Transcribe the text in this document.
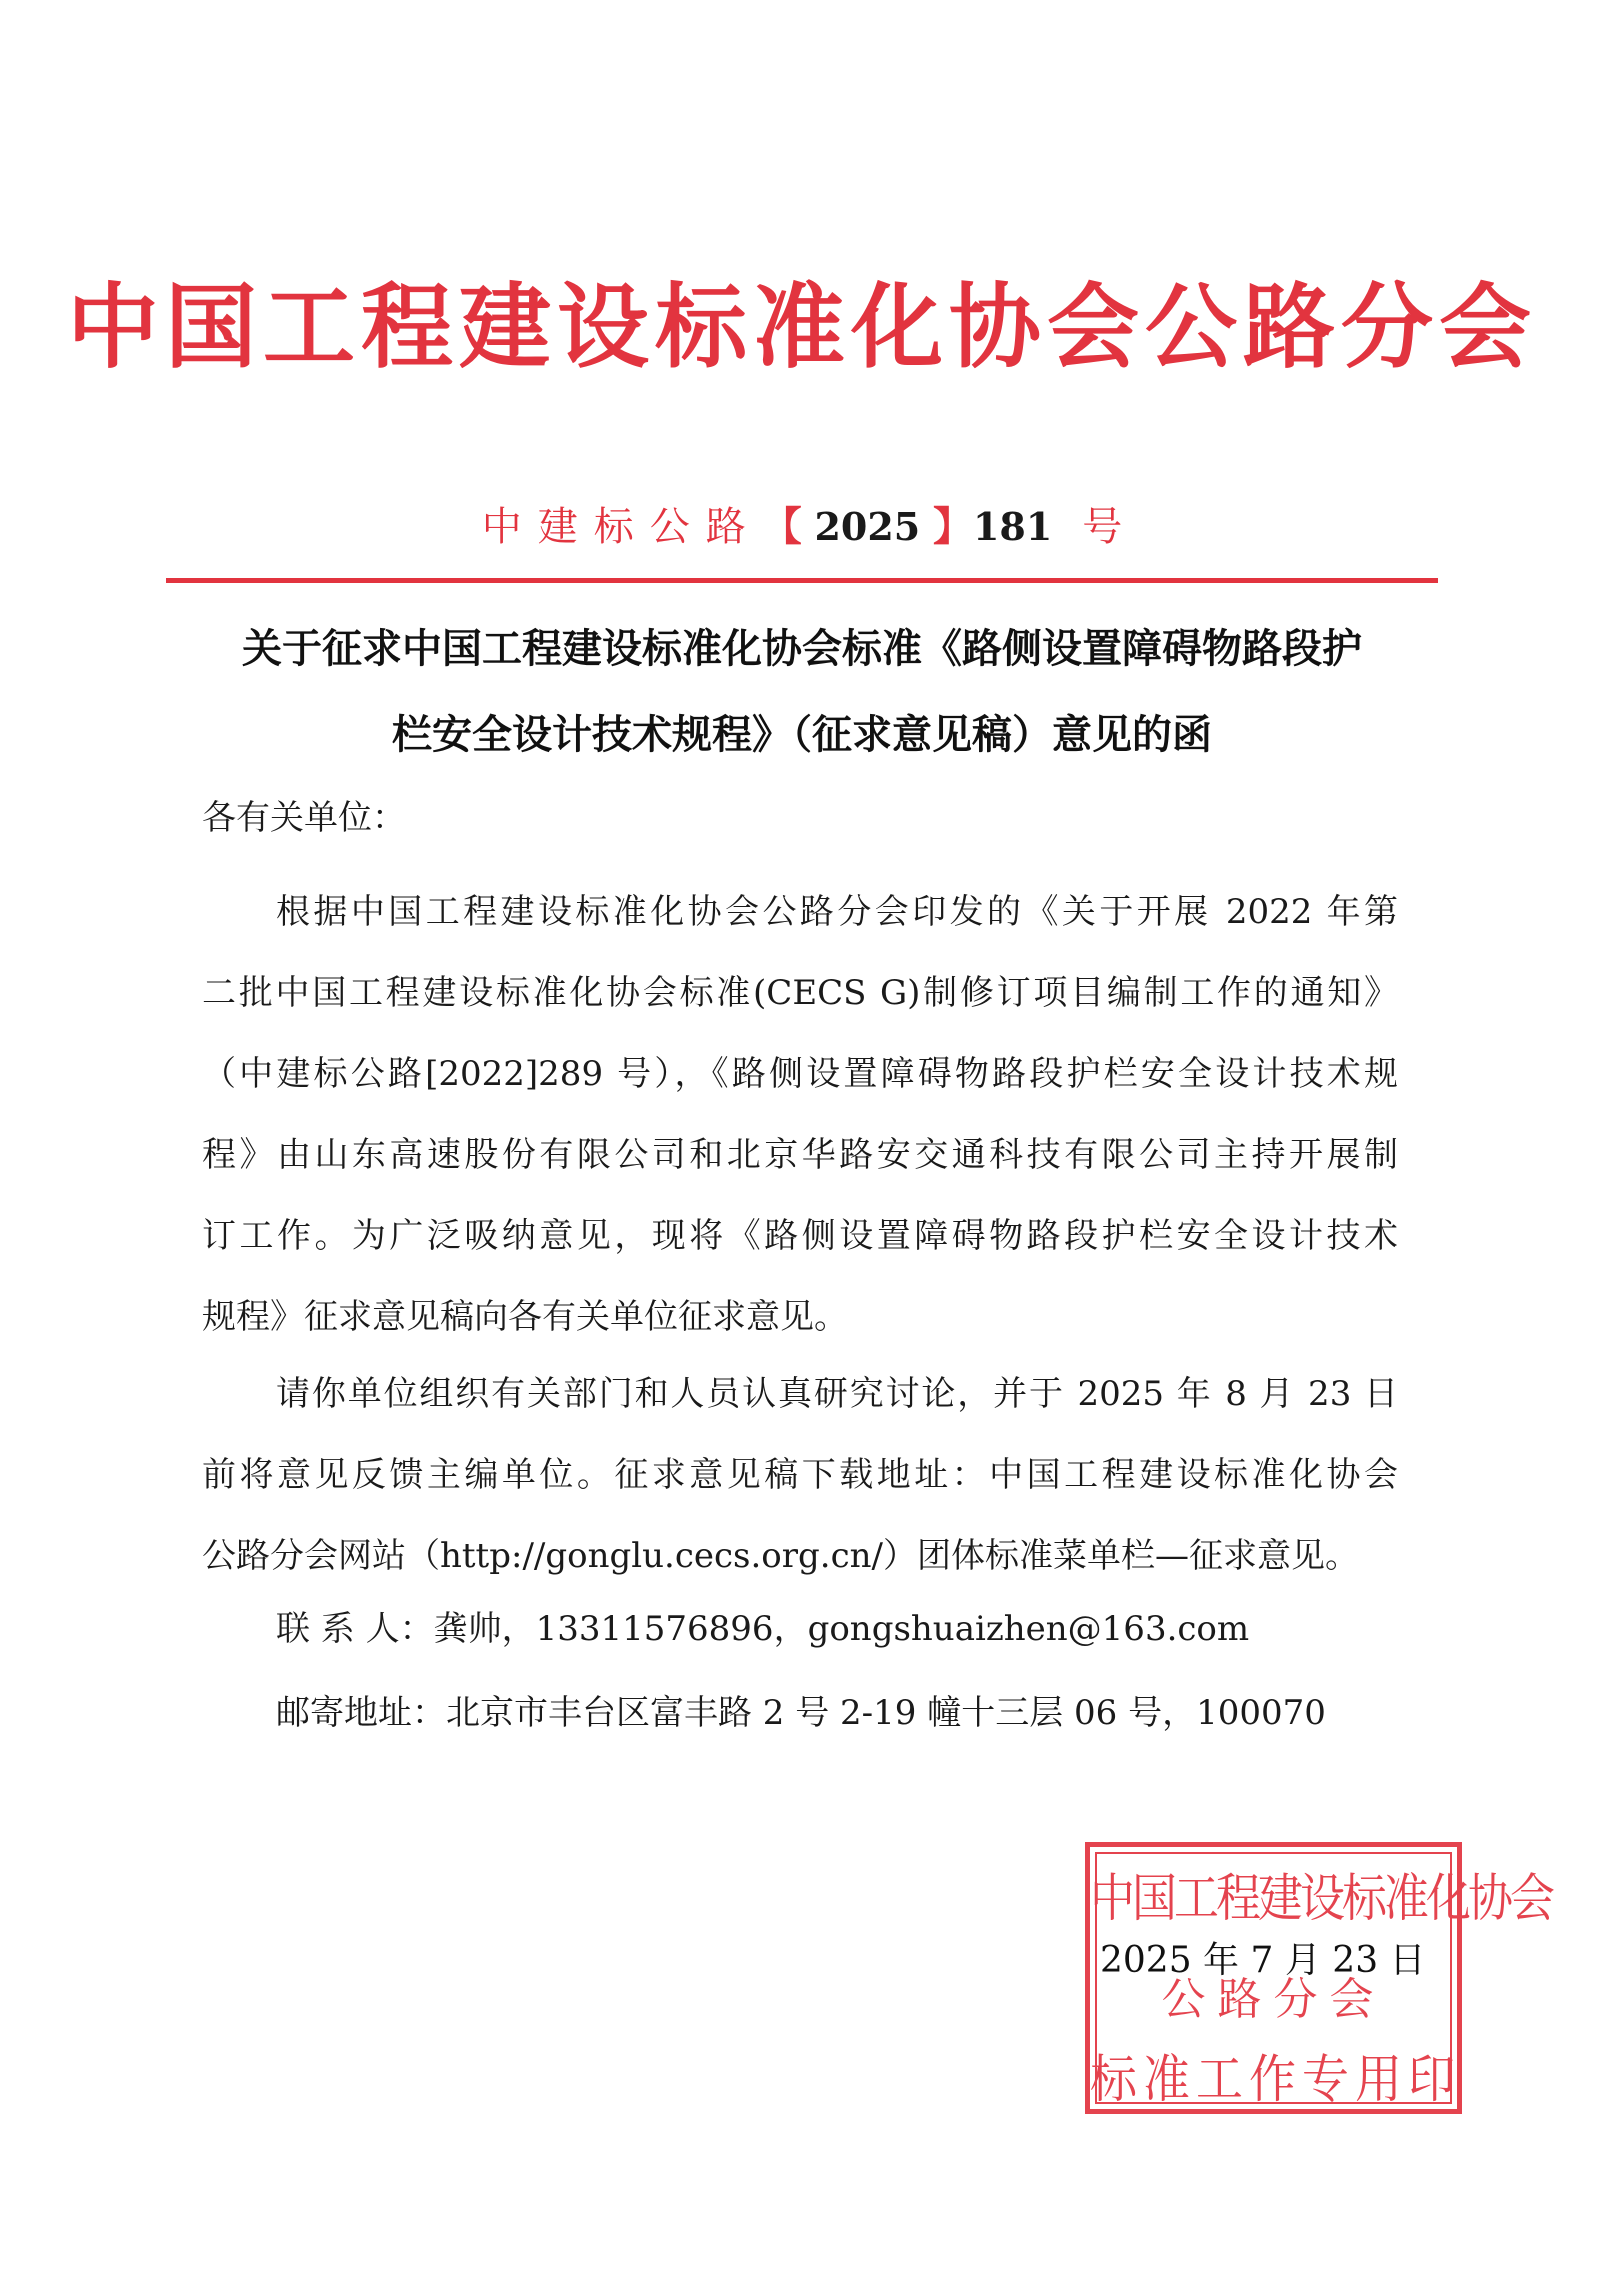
中国工程建设标准化协会公路分会
中建标公路【 2025 】181 号
关于征求中国工程建设标准化协会标准《路侧设置障碍物路段护
栏安全设计技术规程》（征求意见稿）意见的函
各有关单位：
根据中国工程建设标准化协会公路分会印发的《关于开展 2022 年第
二批中国工程建设标准化协会标准(CECS G)制修订项目编制工作的通知》
（中建标公路[2022]289 号），《路侧设置障碍物路段护栏安全设计技术规
程》由山东高速股份有限公司和北京华路安交通科技有限公司主持开展制
订工作。为广泛吸纳意见，现将《路侧设置障碍物路段护栏安全设计技术
规程》征求意见稿向各有关单位征求意见。
请你单位组织有关部门和人员认真研究讨论，并于 2025 年 8 月 23 日
前将意见反馈主编单位。征求意见稿下载地址：中国工程建设标准化协会
公路分会网站（http://gonglu.cecs.org.cn/）团体标准菜单栏—征求意见。
联 系 人：龚帅，13311576896，gongshuaizhen@163.com
邮寄地址：北京市丰台区富丰路 2 号 2-19 幢十三层 06 号，100070
2025 年 7 月 23 日
中国工程建设标准化协会
公路分会
标准工作专用印
